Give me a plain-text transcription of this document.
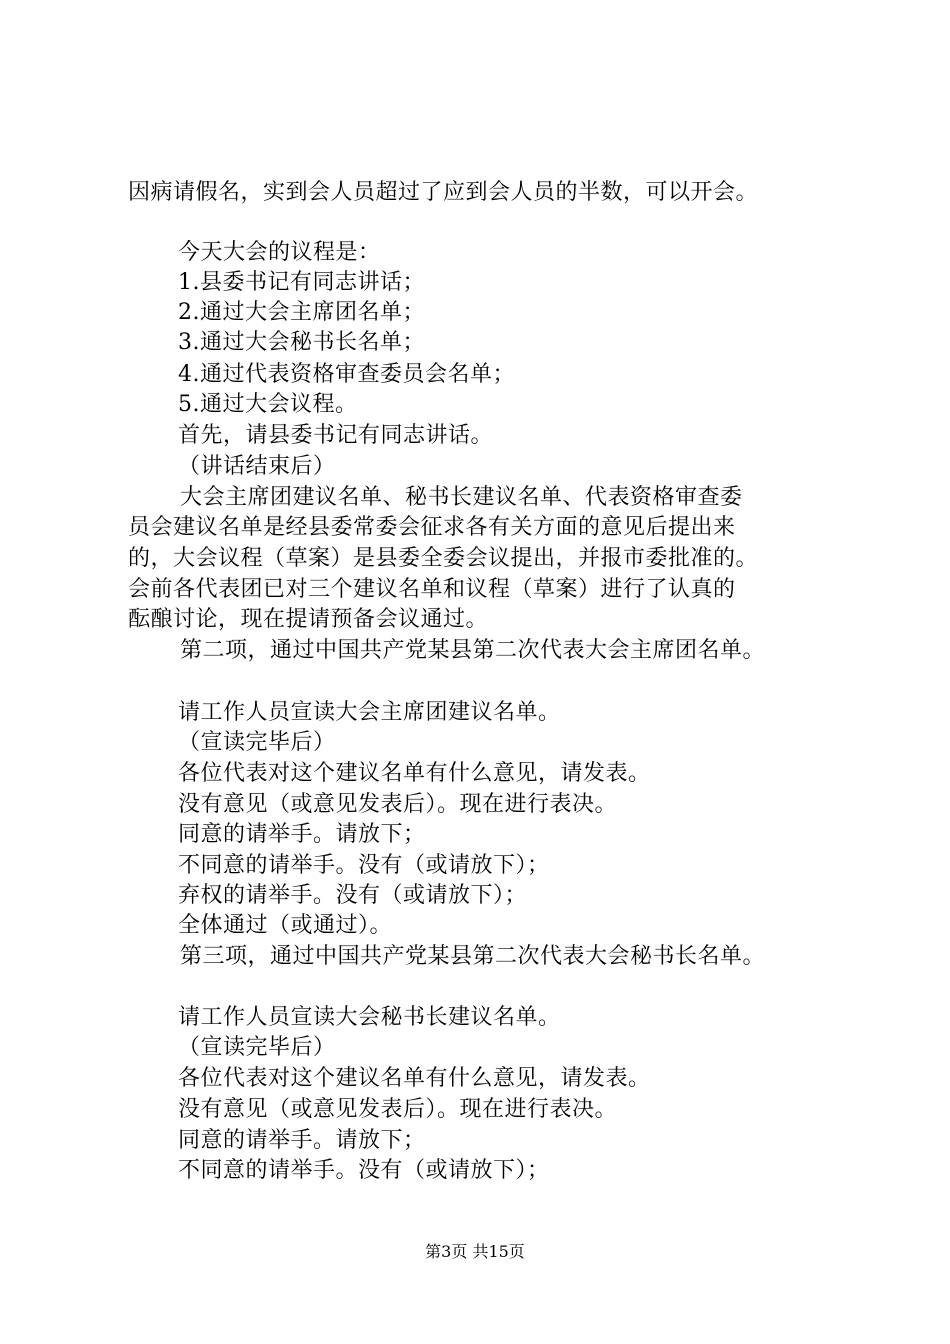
因病请假名，实到会人员超过了应到会人员的半数，可以开会。
今天大会的议程是：
1.县委书记有同志讲话；
2.通过大会主席团名单；
3.通过大会秘书长名单；
4.通过代表资格审查委员会名单；
5.通过大会议程。
首先，请县委书记有同志讲话。
（讲话结束后）
大会主席团建议名单、秘书长建议名单、代表资格审查委
员会建议名单是经县委常委会征求各有关方面的意见后提出来
的，大会议程（草案）是县委全委会议提出，并报市委批准的。
会前各代表团已对三个建议名单和议程（草案）进行了认真的
酝酿讨论，现在提请预备会议通过。
第二项，通过中国共产党某县第二次代表大会主席团名单。
请工作人员宣读大会主席团建议名单。
（宣读完毕后）
各位代表对这个建议名单有什么意见，请发表。
没有意见（或意见发表后）。现在进行表决。
同意的请举手。请放下；
不同意的请举手。没有（或请放下）；
弃权的请举手。没有（或请放下）；
全体通过（或通过）。
第三项，通过中国共产党某县第二次代表大会秘书长名单。
请工作人员宣读大会秘书长建议名单。
（宣读完毕后）
各位代表对这个建议名单有什么意见，请发表。
没有意见（或意见发表后）。现在进行表决。
同意的请举手。请放下；
不同意的请举手。没有（或请放下）；
第3页 共15页
